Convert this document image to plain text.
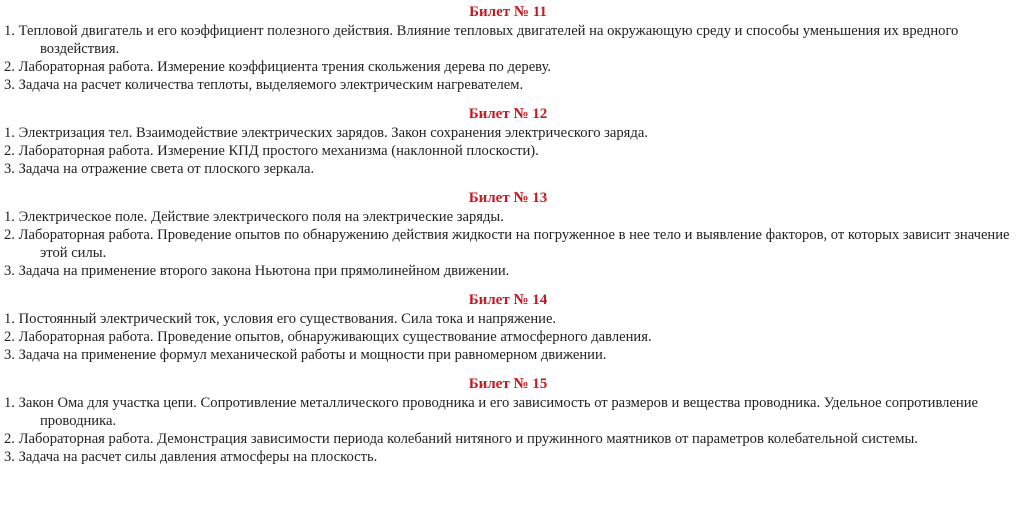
Билет № 11
1. Тепловой двигатель и его коэффициент полезного действия. Влияние тепловых двигателей на окружающую среду и способы уменьшения их вредного воздействия.
2. Лабораторная работа. Измерение коэффициента трения скольжения дерева по дереву.
3. Задача на расчет количества теплоты, выделяемого электрическим нагревателем.
Билет № 12
1. Электризация тел. Взаимодействие электрических зарядов. Закон сохранения электрического заряда.
2. Лабораторная работа. Измерение КПД простого механизма (наклонной плоскости).
3. Задача на отражение света от плоского зеркала.
Билет № 13
1. Электрическое поле. Действие электрического поля на электрические заряды.
2. Лабораторная работа. Проведение опытов по обнаружению действия жидкости на погруженное в нее тело и выявление факторов, от которых зависит значение этой силы.
3. Задача на применение второго закона Ньютона при прямолинейном движении.
Билет № 14
1. Постоянный электрический ток, условия его существования. Сила тока и напряжение.
2. Лабораторная работа. Проведение опытов, обнаруживающих существование атмосферного давления.
3. Задача на применение формул механической работы и мощности при равномерном движении.
Билет № 15
1. Закон Ома для участка цепи. Сопротивление металлического проводника и его зависимость от размеров и вещества проводника. Удельное сопротивление проводника.
2. Лабораторная работа. Демонстрация зависимости периода колебаний нитяного и пружинного маятников от параметров колебательной системы.
3. Задача на расчет силы давления атмосферы на плоскость.
